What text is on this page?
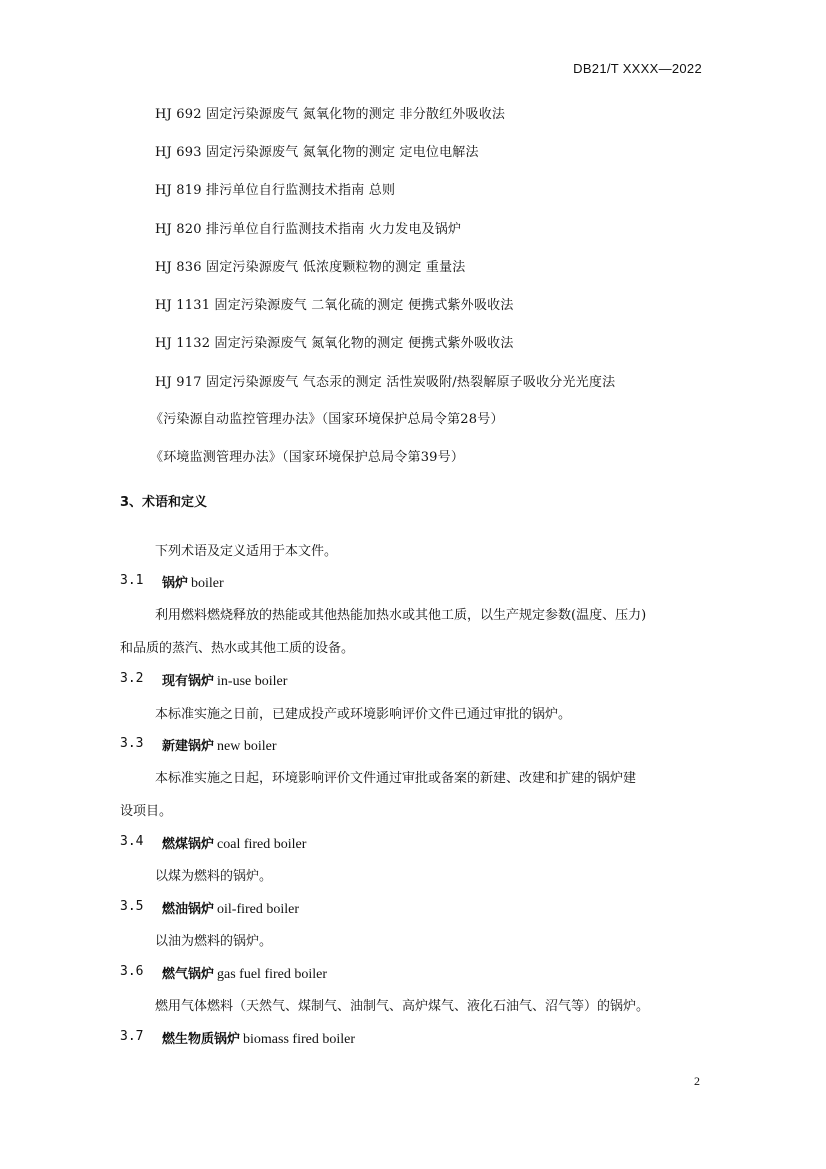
DB21/T XXXX—2022
HJ 692 固定污染源废气 氮氧化物的测定 非分散红外吸收法
HJ 693 固定污染源废气 氮氧化物的测定 定电位电解法
HJ 819 排污单位自行监测技术指南 总则
HJ 820 排污单位自行监测技术指南 火力发电及锅炉
HJ 836 固定污染源废气 低浓度颗粒物的测定 重量法
HJ 1131 固定污染源废气 二氧化硫的测定 便携式紫外吸收法
HJ 1132 固定污染源废气 氮氧化物的测定 便携式紫外吸收法
HJ 917 固定污染源废气 气态汞的测定 活性炭吸附/热裂解原子吸收分光光度法
《污染源自动监控管理办法》（国家环境保护总局令第28号）
《环境监测管理办法》（国家环境保护总局令第39号）
3、术语和定义
下列术语及定义适用于本文件。
3.1 锅炉 boiler
利用燃料燃烧释放的热能或其他热能加热水或其他工质，以生产规定参数(温度、压力)
和品质的蒸汽、热水或其他工质的设备。
3.2 现有锅炉 in-use boiler
本标准实施之日前，已建成投产或环境影响评价文件已通过审批的锅炉。
3.3 新建锅炉 new boiler
本标准实施之日起，环境影响评价文件通过审批或备案的新建、改建和扩建的锅炉建
设项目。
3.4 燃煤锅炉 coal fired boiler
以煤为燃料的锅炉。
3.5 燃油锅炉 oil-fired boiler
以油为燃料的锅炉。
3.6 燃气锅炉 gas fuel fired boiler
燃用气体燃料（天然气、煤制气、油制气、高炉煤气、液化石油气、沼气等）的锅炉。
3.7 燃生物质锅炉 biomass fired boiler
2
